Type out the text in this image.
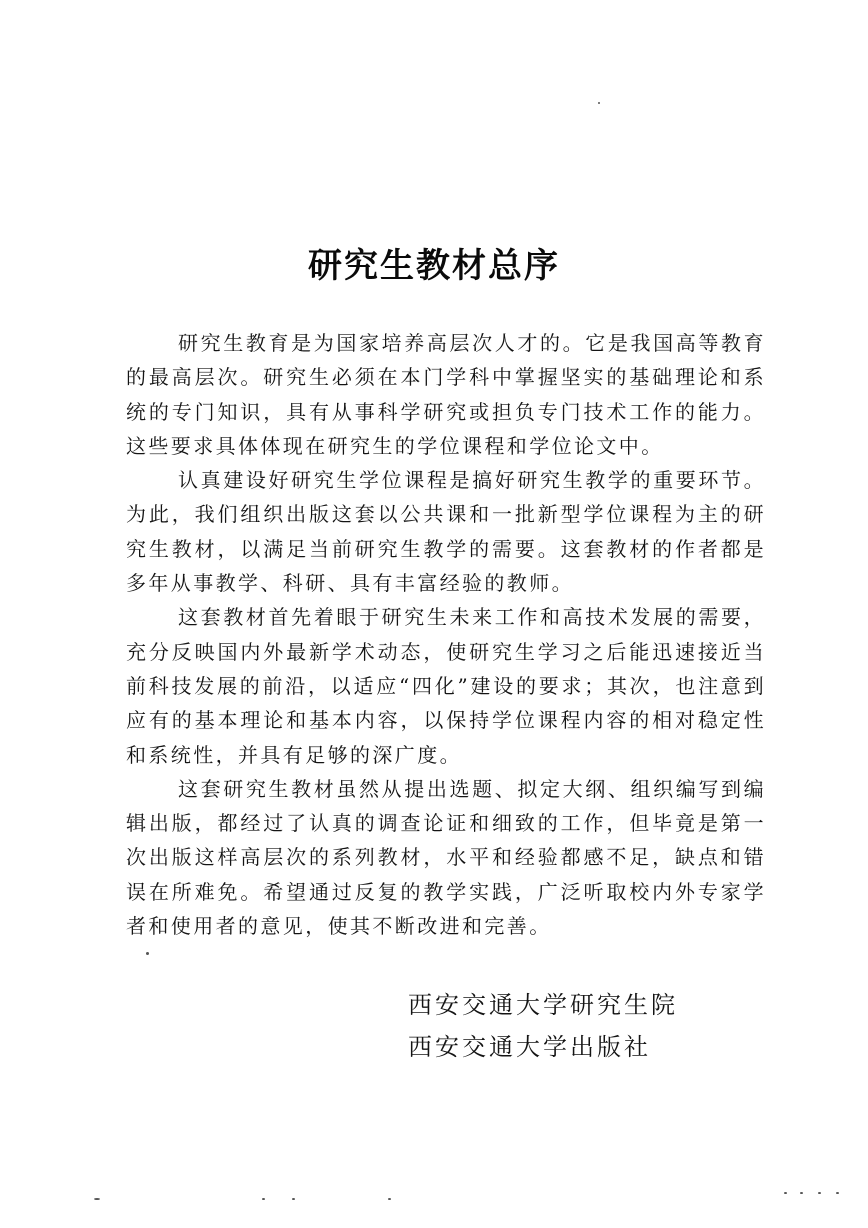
研究生教材总序

研究生教育是为国家培养高层次人才的。它是我国高等教育的最高层次。研究生必须在本门学科中掌握坚实的基础理论和系统的专门知识，具有从事科学研究或担负专门技术工作的能力。这些要求具体体现在研究生的学位课程和学位论文中。

认真建设好研究生学位课程是搞好研究生教学的重要环节。为此，我们组织出版这套以公共课和一批新型学位课程为主的研究生教材，以满足当前研究生教学的需要。这套教材的作者都是多年从事教学、科研、具有丰富经验的教师。

这套教材首先着眼于研究生未来工作和高技术发展的需要，充分反映国内外最新学术动态，使研究生学习之后能迅速接近当前科技发展的前沿，以适应“四化”建设的要求；其次，也注意到应有的基本理论和基本内容，以保持学位课程内容的相对稳定性和系统性，并具有足够的深广度。

这套研究生教材虽然从提出选题、拟定大纲、组织编写到编辑出版，都经过了认真的调查论证和细致的工作，但毕竟是第一次出版这样高层次的系列教材，水平和经验都感不足，缺点和错误在所难免。希望通过反复的教学实践，广泛听取校内外专家学者和使用者的意见，使其不断改进和完善。

西安交通大学研究生院
西安交通大学出版社
